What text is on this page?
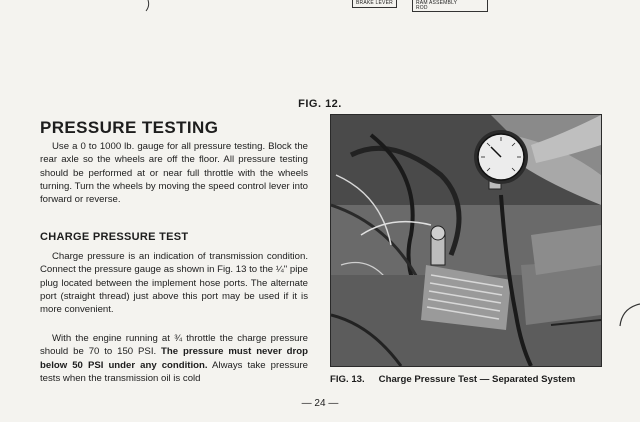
BRAKE LEVER	RAM ASSEMBLY
ROD
FIG. 12.
PRESSURE TESTING

Use a 0 to 1000 lb. gauge for all pressure testing. Block the rear axle so the wheels are off the floor. All pressure testing should be performed at or near full throttle with the wheels turning. Turn the wheels by moving the speed control lever into forward or reverse.

CHARGE PRESSURE TEST

Charge pressure is an indication of transmission condition. Connect the pressure gauge as shown in Fig. 13 to the ¼" pipe plug located between the implement hose ports. The alternate port (straight thread) just above this port may be used if it is more convenient.

With the engine running at ¾ throttle the charge pressure should be 70 to 150 PSI. The pressure must never drop below 50 PSI under any condition. Always take pressure tests when the transmission oil is cold	FIG. 13. Charge Pressure Test — Separated System
— 24 —
